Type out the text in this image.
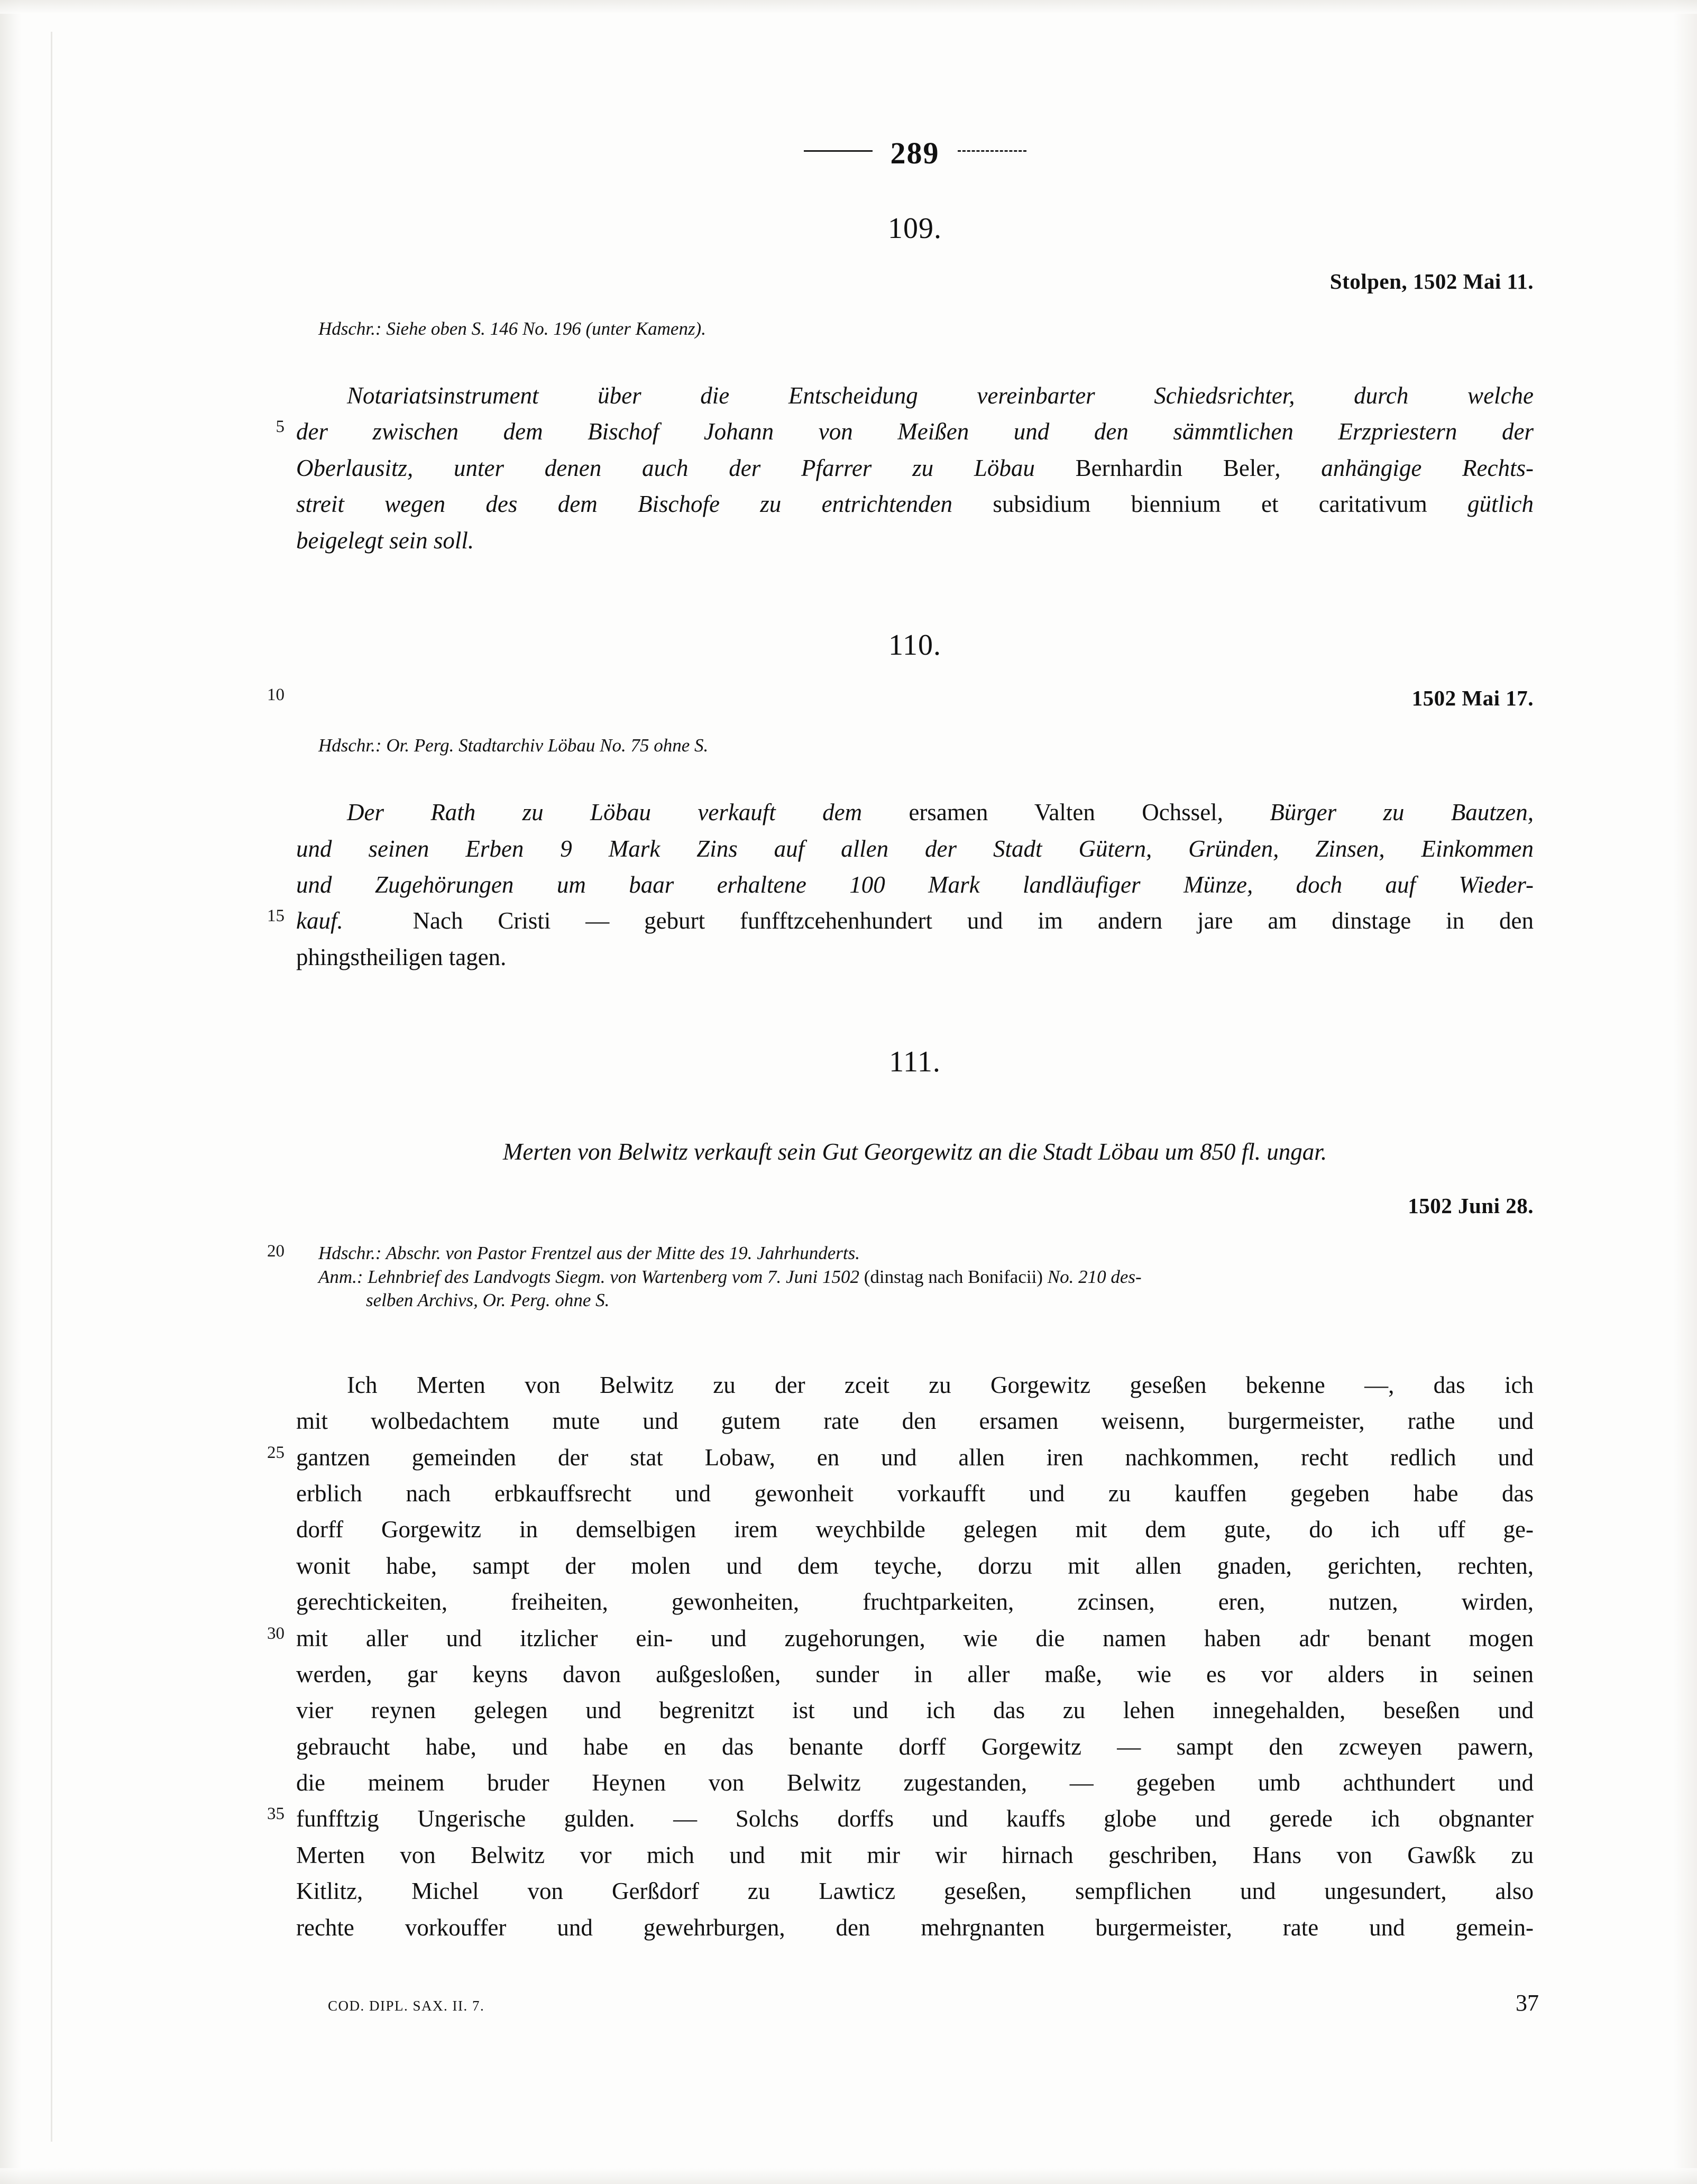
289
109.
Stolpen, 1502 Mai 11.
Hdschr.: Siehe oben S. 146 No. 196 (unter Kamenz).
Notariatsinstrument über die Entscheidung vereinbarter Schiedsrichter, durch welche
5 der zwischen dem Bischof Johann von Meißen und den sämmtlichen Erzpriestern der
Oberlausitz, unter denen auch der Pfarrer zu Löbau Bernhardin Beler, anhängige Rechts-
streit wegen des dem Bischofe zu entrichtenden subsidium biennium et caritativum gütlich
beigelegt sein soll.
110.
10	1502 Mai 17.
Hdschr.: Or. Perg. Stadtarchiv Löbau No. 75 ohne S.
Der Rath zu Löbau verkauft dem ersamen Valten Ochssel, Bürger zu Bautzen,
und seinen Erben 9 Mark Zins auf allen der Stadt Gütern, Gründen, Zinsen, Einkommen
und Zugehörungen um baar erhaltene 100 Mark landläufiger Münze, doch auf Wieder-
15 kauf.	Nach Cristi — geburt funfftzcehenhundert und im andern jare am dinstage in den
phingstheiligen tagen.
111.
Merten von Belwitz verkauft sein Gut Georgewitz an die Stadt Löbau um 850 fl. ungar.
1502 Juni 28.
20	Hdschr.: Abschr. von Pastor Frentzel aus der Mitte des 19. Jahrhunderts.
Anm.: Lehnbrief des Landvogts Siegm. von Wartenberg vom 7. Juni 1502 (dinstag nach Bonifacii) No. 210 des-
selben Archivs, Or. Perg. ohne S.
Ich Merten von Belwitz zu der zceit zu Gorgewitz geseßen bekenne —, das ich
mit wolbedachtem mute und gutem rate den ersamen weisenn, burgermeister, rathe und
25 gantzen gemeinden der stat Lobaw, en und allen iren nachkommen, recht redlich und
erblich nach erbkauffsrecht und gewonheit vorkaufft und zu kauffen gegeben habe das
dorff Gorgewitz in demselbigen irem weychbilde gelegen mit dem gute, do ich uff ge-
wonit habe, sampt der molen und dem teyche, dorzu mit allen gnaden, gerichten, rechten,
gerechtickeiten, freiheiten, gewonheiten, fruchtparkeiten, zcinsen, eren, nutzen, wirden,
30 mit aller und itzlicher ein- und zugehorungen, wie die namen haben adr benant mogen
werden, gar keyns davon außgesloßen, sunder in aller maße, wie es vor alders in seinen
vier reynen gelegen und begrenitzt ist und ich das zu lehen innegehalden, beseßen und
gebraucht habe, und habe en das benante dorff Gorgewitz — sampt den zcweyen pawern,
die meinem bruder Heynen von Belwitz zugestanden, — gegeben umb achthundert und
35 funfftzig Ungerische gulden. — Solchs dorffs und kauffs globe und gerede ich obgnanter
Merten von Belwitz vor mich und mit mir wir hirnach geschriben, Hans von Gawßk zu
Kitlitz, Michel von Gerßdorf zu Lawticz geseßen, sempflichen und ungesundert, also
rechte vorkouffer und gewehrburgen, den mehrgnanten burgermeister, rate und gemein-
COD. DIPL. SAX. II. 7.	37
